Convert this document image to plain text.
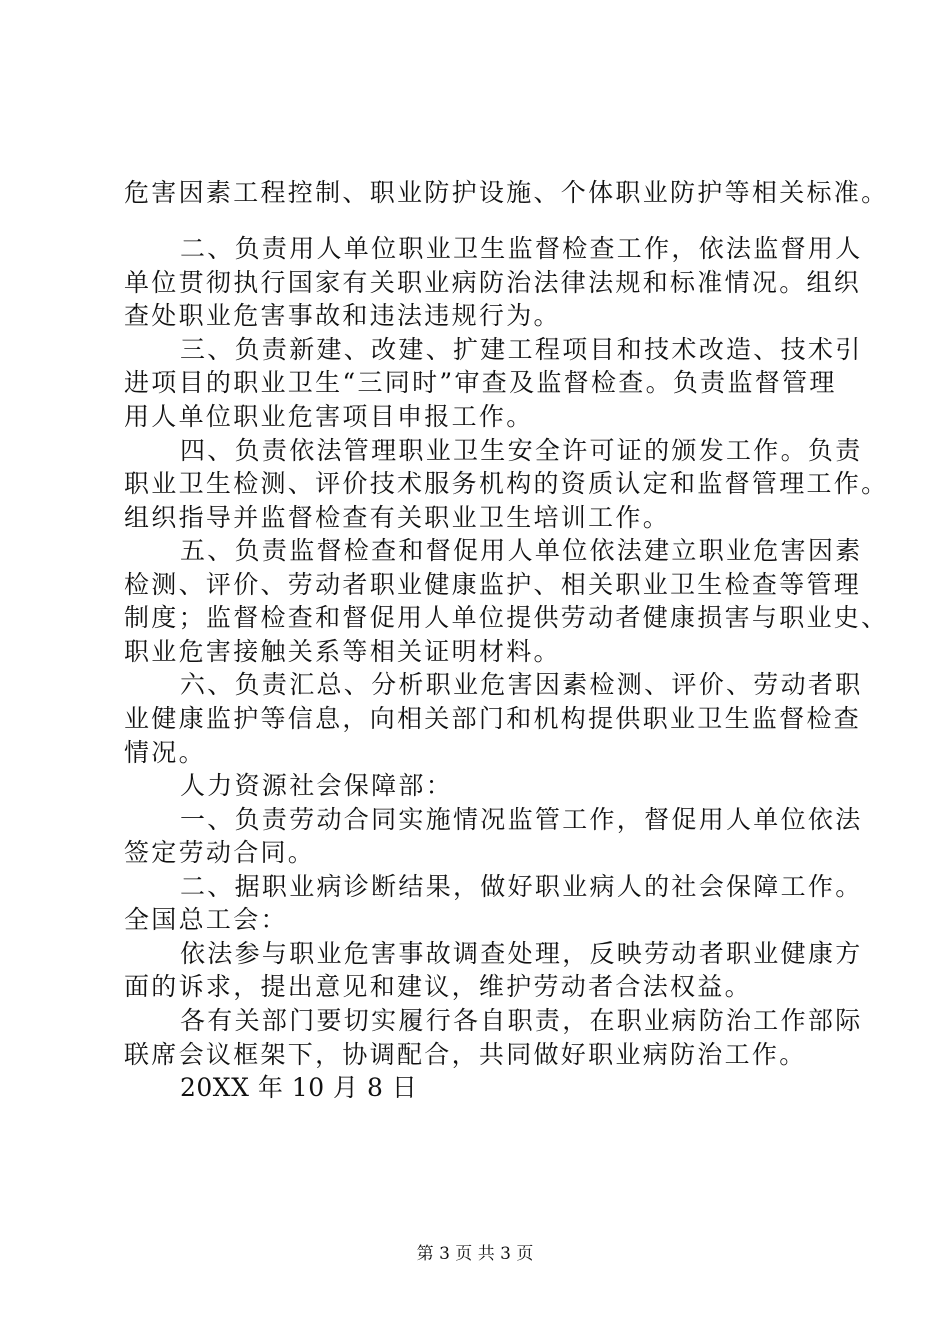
危害因素工程控制、职业防护设施、个体职业防护等相关标准。
二、负责用人单位职业卫生监督检查工作，依法监督用人
单位贯彻执行国家有关职业病防治法律法规和标准情况。组织
查处职业危害事故和违法违规行为。
三、负责新建、改建、扩建工程项目和技术改造、技术引
进项目的职业卫生“三同时”审查及监督检查。负责监督管理
用人单位职业危害项目申报工作。
四、负责依法管理职业卫生安全许可证的颁发工作。负责
职业卫生检测、评价技术服务机构的资质认定和监督管理工作。
组织指导并监督检查有关职业卫生培训工作。
五、负责监督检查和督促用人单位依法建立职业危害因素
检测、评价、劳动者职业健康监护、相关职业卫生检查等管理
制度；监督检查和督促用人单位提供劳动者健康损害与职业史、
职业危害接触关系等相关证明材料。
六、负责汇总、分析职业危害因素检测、评价、劳动者职
业健康监护等信息，向相关部门和机构提供职业卫生监督检查
情况。
人力资源社会保障部：
一、负责劳动合同实施情况监管工作，督促用人单位依法
签定劳动合同。
二、据职业病诊断结果，做好职业病人的社会保障工作。
全国总工会：
依法参与职业危害事故调查处理，反映劳动者职业健康方
面的诉求，提出意见和建议，维护劳动者合法权益。
各有关部门要切实履行各自职责，在职业病防治工作部际
联席会议框架下，协调配合，共同做好职业病防治工作。
20XX 年 10 月 8 日
第 3 页 共 3 页
